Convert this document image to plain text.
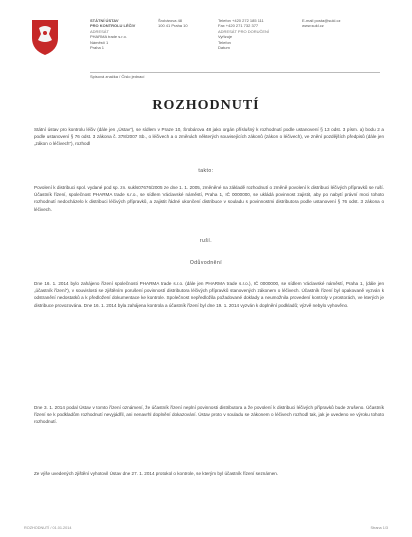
STÁTNÍ ÚSTAV
PRO KONTROLU LÉČIV
ADRESÁT
PHARMA trade s.r.o.
Náměstí 1
Praha 1
Šrobárova 48
100 41 Praha 10
Telefon +420 272 185 111
Fax +420 271 732 377
ADRESÁT PRO DORUČENÍ
Vyřizuje
Telefon
Datum
E-mail posta@sukl.cz
www.sukl.cz
Spisová značka / Číslo jednací
ROZHODNUTÍ
Státní ústav pro kontrolu léčiv (dále jen „Ústav“), se sídlem v Praze 10, Šrobárova 48 jako orgán příslušný k rozhodnutí podle ustanovení § 13 odst. 3 písm. a) bodu 2 a podle ustanovení § 76 odst. 3 zákona č. 378/2007 Sb., o léčivech a o změnách některých souvisejících zákonů (zákon o léčivech), ve znění pozdějších předpisů (dále jen „zákon o léčivech“), rozhodl
takto:
Povolení k distribuci spol. vydané pod sp. zn. sukls07676/2005 ze dne 1. 1. 2005, změněné na základě rozhodnutí o změně povolení k distribuci léčivých přípravků se ruší. Účastník řízení, společnost PHARMA trade s.r.o., se sídlem Václavské náměstí, Praha 1, IČ 0000000, se ukládá povinnost zajistit, aby po nabytí právní moci tohoto rozhodnutí nedocházelo k distribuci léčivých přípravků, a zajistit řádné ukončení distribuce v souladu s povinnostmi distributora podle ustanovení § 76 odst. 3 zákona o léčivech.
ruší.
Odůvodnění
Dne 16. 1. 2014 bylo zahájeno řízení společnosti PHARMA trade s.r.o. (dále jen PHARMA trade s.r.o.), IČ 0000000, se sídlem Václavské náměstí, Praha 1, (dále jen „účastník řízení“), v souvislosti se zjištěním porušení povinností distributora léčivých přípravků stanovených zákonem o léčivech. Účastník řízení byl opakovaně vyzván k odstranění nedostatků a k předložení dokumentace ke kontrole. Společnost nepředložila požadované doklady a neumožnila provedení kontroly v prostorách, ve kterých je distribuce provozována. Dne 16. 1. 2014 byla zahájena kontrola a účastník řízení byl dne 19. 1. 2014 vyzván k doplnění podkladů; výzvě nebylo vyhověno.
Dne 3. 1. 2014 podal Ústav v tomto řízení oznámení, že účastník řízení neplní povinnosti distributora a že povolení k distribuci léčivých přípravků bude zrušeno. Účastník řízení se k podkladům rozhodnutí nevyjádřil, ani nenavrhl doplnění dokazování. Ústav proto v souladu se zákonem o léčivech rozhodl tak, jak je uvedeno ve výroku tohoto rozhodnutí.
Ze výše uvedených zjištění vyhotovil Ústav dne 27. 1. 2014 protokol o kontrole, se kterým byl účastník řízení seznámen.
ROZHODNUTÍ / 01.01.2014	Strana 1/3
